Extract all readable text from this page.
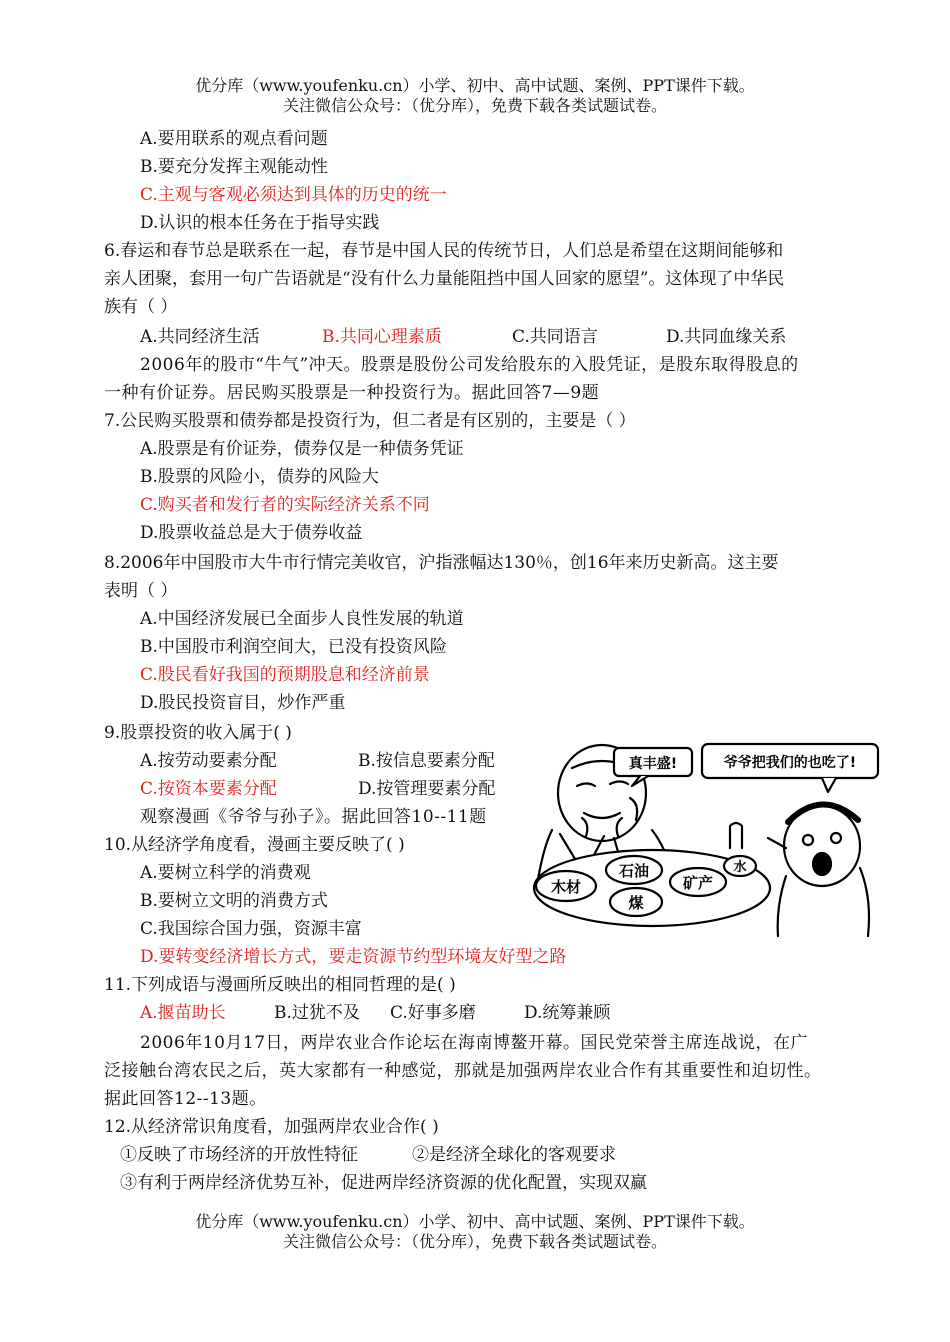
优分库（www.youfenku.cn）小学、初中、高中试题、案例、PPT课件下载。
关注微信公众号：（优分库），免费下载各类试题试卷。
A.要用联系的观点看问题
B.要充分发挥主观能动性
C.主观与客观必须达到具体的历史的统一
D.认识的根本任务在于指导实践
6.春运和春节总是联系在一起，春节是中国人民的传统节日，人们总是希望在这期间能够和
亲人团聚，套用一句广告语就是“没有什么力量能阻挡中国人回家的愿望”。这体现了中华民
族有（ ）
A.共同经济生活	B.共同心理素质	C.共同语言	D.共同血缘关系
2006年的股市“牛气”冲天。股票是股份公司发给股东的入股凭证，是股东取得股息的
一种有价证券。居民购买股票是一种投资行为。据此回答7—9题
7.公民购买股票和债券都是投资行为，但二者是有区别的，主要是（ ）
A.股票是有价证券，债券仅是一种债务凭证
B.股票的风险小，债券的风险大
C.购买者和发行者的实际经济关系不同
D.股票收益总是大于债券收益
8.2006年中国股市大牛市行情完美收官，沪指涨幅达130％，创16年来历史新高。这主要
表明（ ）
A.中国经济发展已全面步人良性发展的轨道
B.中国股市利润空间大，已没有投资风险
C.股民看好我国的预期股息和经济前景
D.股民投资盲目，炒作严重
9.股票投资的收入属于( )
A.按劳动要素分配	B.按信息要素分配
C.按资本要素分配	D.按管理要素分配
观察漫画《爷爷与孙子》。据此回答10--11题
10.从经济学角度看，漫画主要反映了( )
A.要树立科学的消费观
B.要树立文明的消费方式
C.我国综合国力强，资源丰富
D.要转变经济增长方式，要走资源节约型环境友好型之路
11.下列成语与漫画所反映出的相同哲理的是( )
A.揠苗助长	B.过犹不及 C.好事多磨	D.统筹兼顾
2006年10月17日，两岸农业合作论坛在海南博鳌开幕。国民党荣誉主席连战说，在广
泛接触台湾农民之后，英大家都有一种感觉，那就是加强两岸农业合作有其重要性和迫切性。
据此回答12--13题。
12.从经济常识角度看，加强两岸农业合作( )
①反映了市场经济的开放性特征	②是经济全球化的客观要求
③有利于两岸经济优势互补，促进两岸经济资源的优化配置，实现双赢
优分库（www.youfenku.cn）小学、初中、高中试题、案例、PPT课件下载。
关注微信公众号：（优分库），免费下载各类试题试卷。
真丰盛!	爷爷把我们的也吃了!
木材
石油
矿产
水
煤
